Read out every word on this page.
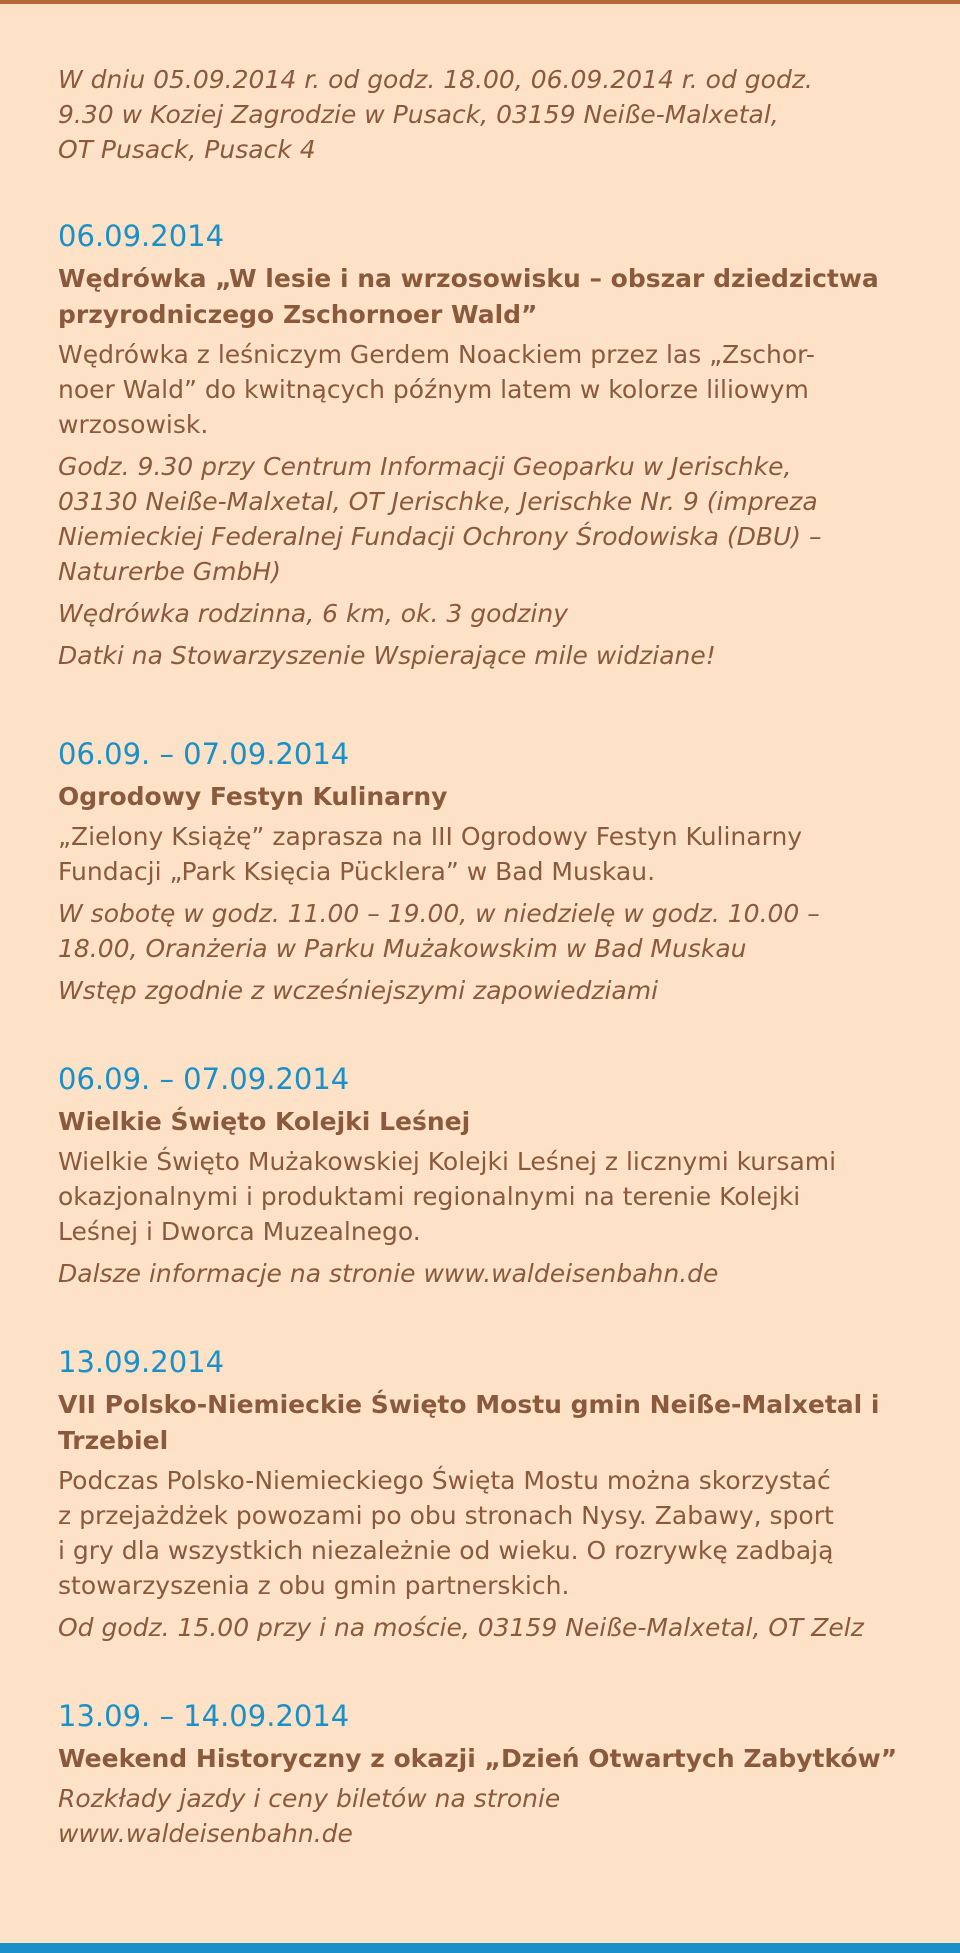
W dniu 05.09.2014 r. od godz. 18.00, 06.09.2014 r. od godz.
9.30 w Koziej Zagrodzie w Pusack, 03159 Neiße-Malxetal,
OT Pusack, Pusack 4

06.09.2014
Wędrówka „W lesie i na wrzosowisku – obszar dziedzictwa
przyrodniczego Zschornoer Wald”

Wędrówka z leśniczym Gerdem Noackiem przez las „Zschor-
noer Wald” do kwitnących późnym latem w kolorze liliowym
wrzosowisk.

Godz. 9.30 przy Centrum Informacji Geoparku w Jerischke,
03130 Neiße-Malxetal, OT Jerischke, Jerischke Nr. 9 (impreza
Niemieckiej Federalnej Fundacji Ochrony Środowiska (DBU) –
Naturerbe GmbH)

Wędrówka rodzinna, 6 km, ok. 3 godziny

Datki na Stowarzyszenie Wspierające mile widziane!

06.09. – 07.09.2014
Ogrodowy Festyn Kulinarny

„Zielony Książę” zaprasza na III Ogrodowy Festyn Kulinarny
Fundacji „Park Księcia Pücklera” w Bad Muskau.

W sobotę w godz. 11.00 – 19.00, w niedzielę w godz. 10.00 –
18.00, Oranżeria w Parku Mużakowskim w Bad Muskau

Wstęp zgodnie z wcześniejszymi zapowiedziami

06.09. – 07.09.2014
Wielkie Święto Kolejki Leśnej

Wielkie Święto Mużakowskiej Kolejki Leśnej z licznymi kursami
okazjonalnymi i produktami regionalnymi na terenie Kolejki
Leśnej i Dworca Muzealnego.

Dalsze informacje na stronie www.waldeisenbahn.de

13.09.2014
VII Polsko-Niemieckie Święto Mostu gmin Neiße-Malxetal i
Trzebiel

Podczas Polsko-Niemieckiego Święta Mostu można skorzystać
z przejażdżek powozami po obu stronach Nysy. Zabawy, sport
i gry dla wszystkich niezależnie od wieku. O rozrywkę zadbają
stowarzyszenia z obu gmin partnerskich.

Od godz. 15.00 przy i na moście, 03159 Neiße-Malxetal, OT Zelz

13.09. – 14.09.2014
Weekend Historyczny z okazji „Dzień Otwartych Zabytków”

Rozkłady jazdy i ceny biletów na stronie
www.waldeisenbahn.de
